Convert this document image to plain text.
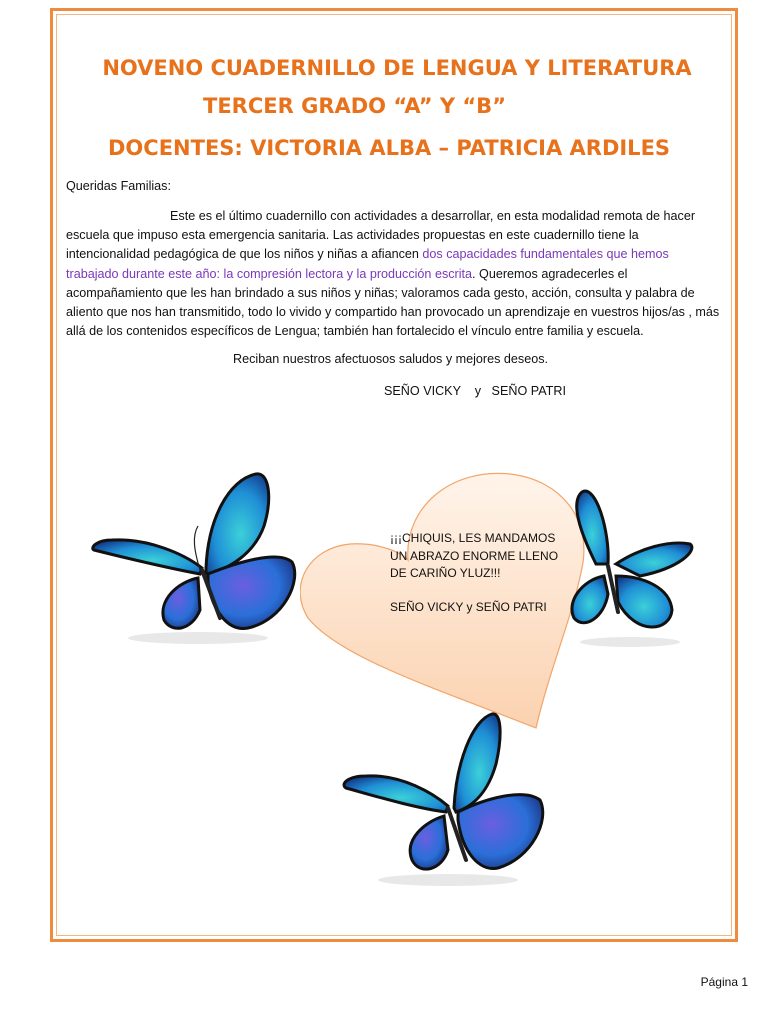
NOVENO CUADERNILLO DE LENGUA Y LITERATURA
TERCER GRADO “A” Y “B”
DOCENTES: VICTORIA ALBA – PATRICIA ARDILES

Queridas Familias:

Este es el último cuadernillo con actividades a desarrollar, en esta modalidad remota de hacer escuela que impuso esta emergencia sanitaria. Las actividades propuestas en este cuadernillo tiene la intencionalidad pedagógica de que los niños y niñas a afiancen dos capacidades fundamentales que hemos trabajado durante este año: la compresión lectora y la producción escrita. Queremos agradecerles el acompañamiento que les han brindado a sus niños y niñas; valoramos cada gesto, acción, consulta y palabra de aliento que nos han transmitido, todo lo vivido y compartido han provocado un aprendizaje en vuestros hijos/as , más allá de los contenidos específicos de Lengua; también han fortalecido el vínculo entre familia y escuela.

Reciban nuestros afectuosos saludos y mejores deseos.

SEÑO VICKY    y   SEÑO PATRI

¡¡¡CHIQUIS, LES MANDAMOS UN ABRAZO ENORME LLENO DE CARIÑO YLUZ!!!

SEÑO VICKY y SEÑO PATRI

Página 1
